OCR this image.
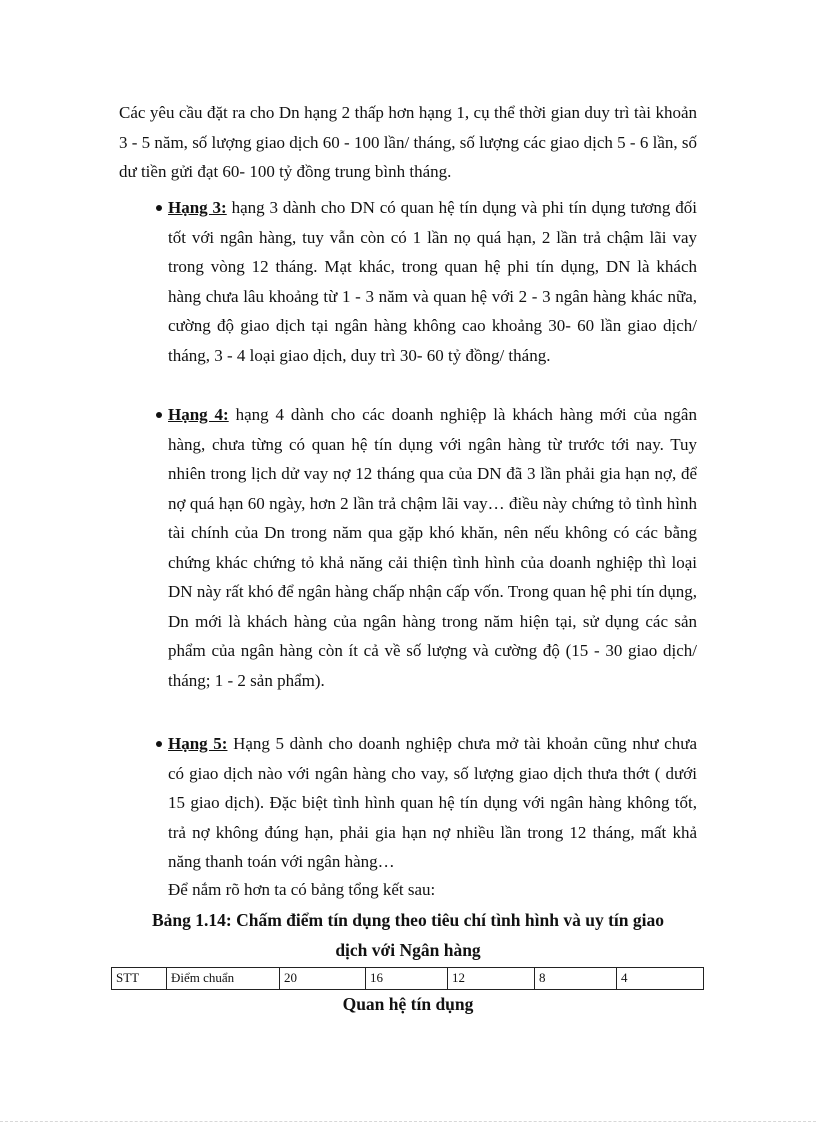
Các yêu cầu đặt ra cho Dn hạng 2 thấp hơn hạng 1, cụ thể thời gian duy trì tài khoản 3 - 5 năm, số lượng giao dịch 60 - 100 lần/ tháng, số lượng các giao dịch 5 - 6 lần, số dư tiền gửi đạt 60- 100 tỷ đồng trung bình tháng.

Hạng 3: hạng 3 dành cho DN có quan hệ tín dụng và phi tín dụng tương đối tốt với ngân hàng, tuy vẫn còn có 1 lần nọ quá hạn, 2 lần trả chậm lãi vay trong vòng 12 tháng. Mạt khác, trong quan hệ phi tín dụng, DN là khách hàng chưa lâu khoảng từ 1 - 3 năm và quan hệ với 2 - 3 ngân hàng khác nữa, cường độ giao dịch tại ngân hàng không cao khoảng 30- 60 lần giao dịch/ tháng, 3 - 4 loại giao dịch, duy trì 30- 60 tỷ đồng/ tháng.
Hạng 4: hạng 4 dành cho các doanh nghiệp là khách hàng mới của ngân hàng, chưa từng có quan hệ tín dụng với ngân hàng từ trước tới nay. Tuy nhiên trong lịch dử vay nợ 12 tháng qua của DN đã 3 lần phải gia hạn nợ, để nợ quá hạn 60 ngày, hơn 2 lần trả chậm lãi vay… điều này chứng tỏ tình hình tài chính của Dn trong năm qua gặp khó khăn, nên nếu không có các bằng chứng khác chứng tỏ khả năng cải thiện tình hình của doanh nghiệp thì loại DN này rất khó để ngân hàng chấp nhận cấp vốn. Trong quan hệ phi tín dụng, Dn mới là khách hàng của ngân hàng trong năm hiện tại, sử dụng các sản phẩm của ngân hàng còn ít cả về số lượng và cường độ (15 - 30 giao dịch/ tháng; 1 - 2 sản phẩm).
Hạng 5: Hạng 5 dành cho doanh nghiệp chưa mở tài khoản cũng như chưa có giao dịch nào với ngân hàng cho vay, số lượng giao dịch thưa thớt ( dưới 15 giao dịch). Đặc biệt tình hình quan hệ tín dụng với ngân hàng không tốt, trả nợ không đúng hạn, phải gia hạn nợ nhiều lần trong 12 tháng, mất khả năng thanh toán với ngân hàng…

Để nắm rõ hơn ta có bảng tổng kết sau:

Bảng 1.14: Chấm điểm tín dụng theo tiêu chí tình hình và uy tín giao
dịch với Ngân hàng
STT	Điểm chuẩn	20	16	12	8	4
Quan hệ tín dụng
